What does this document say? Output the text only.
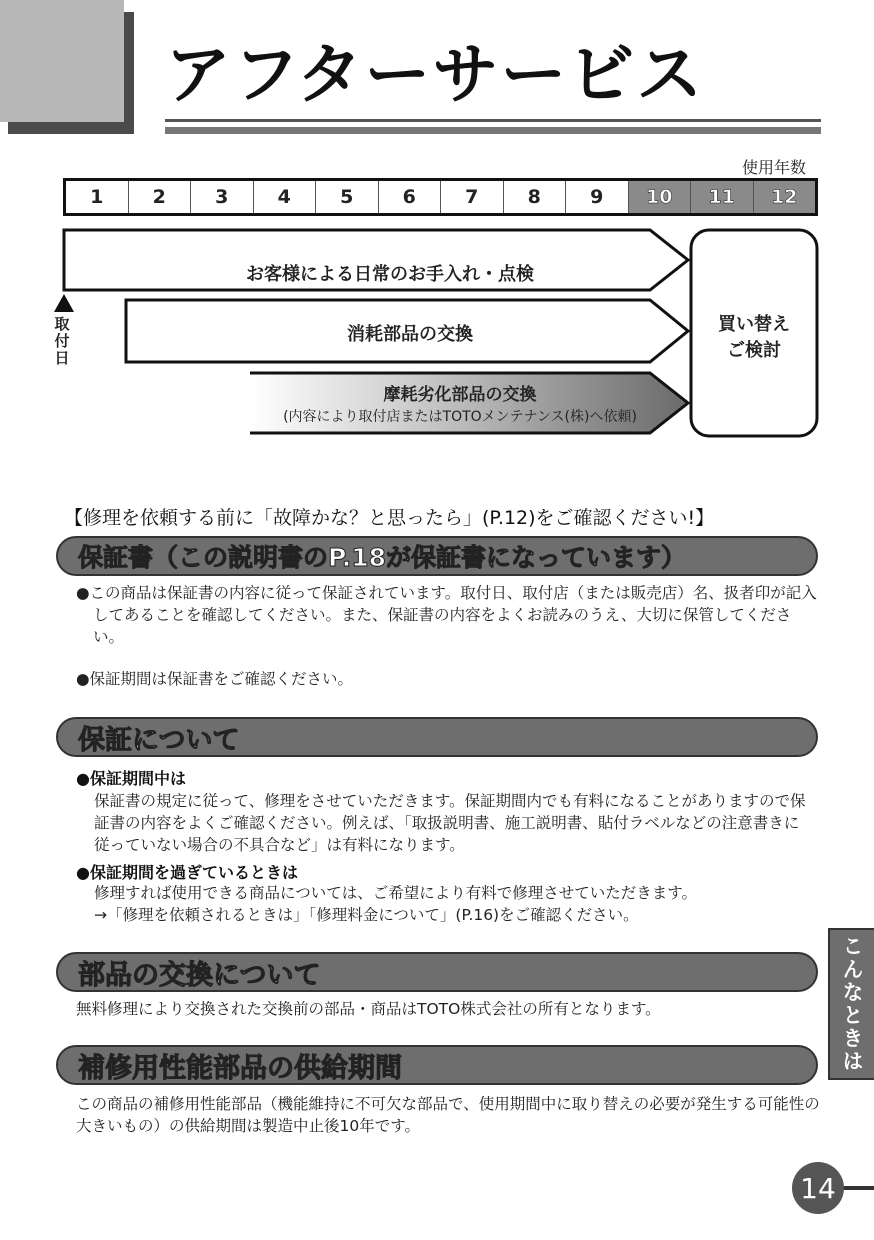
アフターサービス
使用年数
1	2	3	4	5	6	7	8	9	10	11	12
お客様による日常のお手入れ・点検
消耗部品の交換
摩耗劣化部品の交換
(内容により取付店またはTOTOメンテナンス(株)へ依頼)
買い替え
ご検討
取付日
【修理を依頼する前に「故障かな？と思ったら」(P.12)をご確認ください!】
保証書（この説明書のP.18が保証書になっています）
●この商品は保証書の内容に従って保証されています。取付日、取付店（または販売店）名、扱者印が記入してあることを確認してください。また、保証書の内容をよくお読みのうえ、大切に保管してください。
●保証期間は保証書をご確認ください。
保証について
●保証期間中は
保証書の規定に従って、修理をさせていただきます。保証期間内でも有料になることがありますので保証書の内容をよくご確認ください。例えば、「取扱説明書、施工説明書、貼付ラベルなどの注意書きに従っていない場合の不具合など」は有料になります。
●保証期間を過ぎているときは
修理すれば使用できる商品については、ご希望により有料で修理させていただきます。
→「修理を依頼されるときは」「修理料金について」(P.16)をご確認ください。
部品の交換について
無料修理により交換された交換前の部品・商品はTOTO株式会社の所有となります。
補修用性能部品の供給期間
この商品の補修用性能部品（機能維持に不可欠な部品で、使用期間中に取り替えの必要が発生する可能性の大きいもの）の供給期間は製造中止後10年です。
こんなときは
14
